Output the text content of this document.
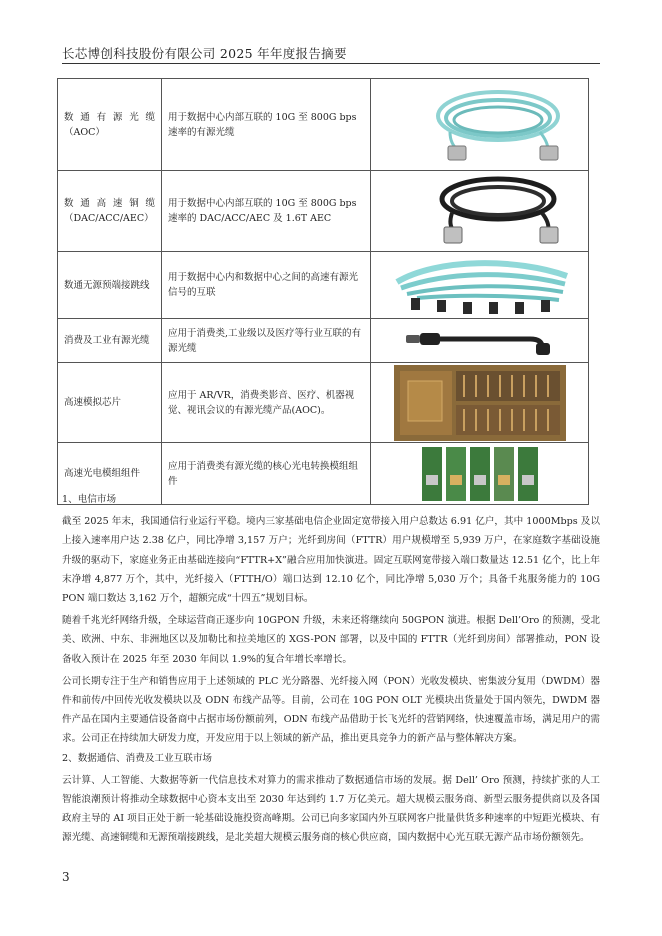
长芯博创科技股份有限公司 2025 年年度报告摘要
数 通 有 源 光 缆
（AOC）	用于数据中心内部互联的 10G 至 800G bps 速率的有源光缆	

数 通 高 速 铜 缆
（DAC/ACC/AEC）	用于数据中心内部互联的 10G 至 800G bps 速率的 DAC/ACC/AEC 及 1.6T AEC	

数通无源预端接跳线	用于数据中心内和数据中心之间的高速有源光信号的互联	

消费及工业有源光缆	应用于消费类,工业级以及医疗等行业互联的有源光缆	

高速模拟芯片	应用于 AR/VR，消费类影音、医疗、机器视觉、视讯会议的有源光缆产品(AOC)。	

高速光电模组组件	应用于消费类有源光缆的核心光电转换模组组件	

1、电信市场

截至 2025 年末，我国通信行业运行平稳。境内三家基础电信企业固定宽带接入用户总数达 6.91 亿户，其中 1000Mbps 及以上接入速率用户达 2.38 亿户，同比净增 3,157 万户；光纤到房间（FTTR）用户规模增至 5,939 万户，在家庭数字基础设施升级的驱动下，家庭业务正由基础连接向“FTTR+X”融合应用加快演进。固定互联网宽带接入端口数量达 12.51 亿个，比上年末净增 4,877 万个，其中，光纤接入（FTTH/O）端口达到 12.10 亿个，同比净增 5,030 万个；具备千兆服务能力的 10G PON 端口数达 3,162 万个，超额完成“十四五”规划目标。

随着千兆光纤网络升级，全球运营商正逐步向 10GPON 升级，未来还将继续向 50GPON 演进。根据 Dell’Oro 的预测，受北美、欧洲、中东、非洲地区以及加勒比和拉美地区的 XGS-PON 部署，以及中国的 FTTR（光纤到房间）部署推动，PON 设备收入预计在 2025 年至 2030 年间以 1.9%的复合年增长率增长。

公司长期专注于生产和销售应用于上述领域的 PLC 光分路器、光纤接入网（PON）光收发模块、密集波分复用（DWDM）器件和前传/中回传光收发模块以及 ODN 布线产品等。目前，公司在 10G PON OLT 光模块出货量处于国内领先，DWDM 器件产品在国内主要通信设备商中占据市场份额前列，ODN 布线产品借助于长飞光纤的营销网络，快速覆盖市场，满足用户的需求。公司正在持续加大研发力度，开发应用于以上领域的新产品，推出更具竞争力的新产品与整体解决方案。

2、数据通信、消费及工业互联市场

云计算、人工智能、大数据等新一代信息技术对算力的需求推动了数据通信市场的发展。据 Dell’ Oro 预测，持续扩张的人工智能浪潮预计将推动全球数据中心资本支出至 2030 年达到约 1.7 万亿美元。超大规模云服务商、新型云服务提供商以及各国政府主导的 AI 项目正处于新一轮基础设施投资高峰期。公司已向多家国内外互联网客户批量供货多种速率的中短距光模块、有源光缆、高速铜缆和无源预端接跳线，是北美超大规模云服务商的核心供应商，国内数据中心光互联无源产品市场份额领先。

3
